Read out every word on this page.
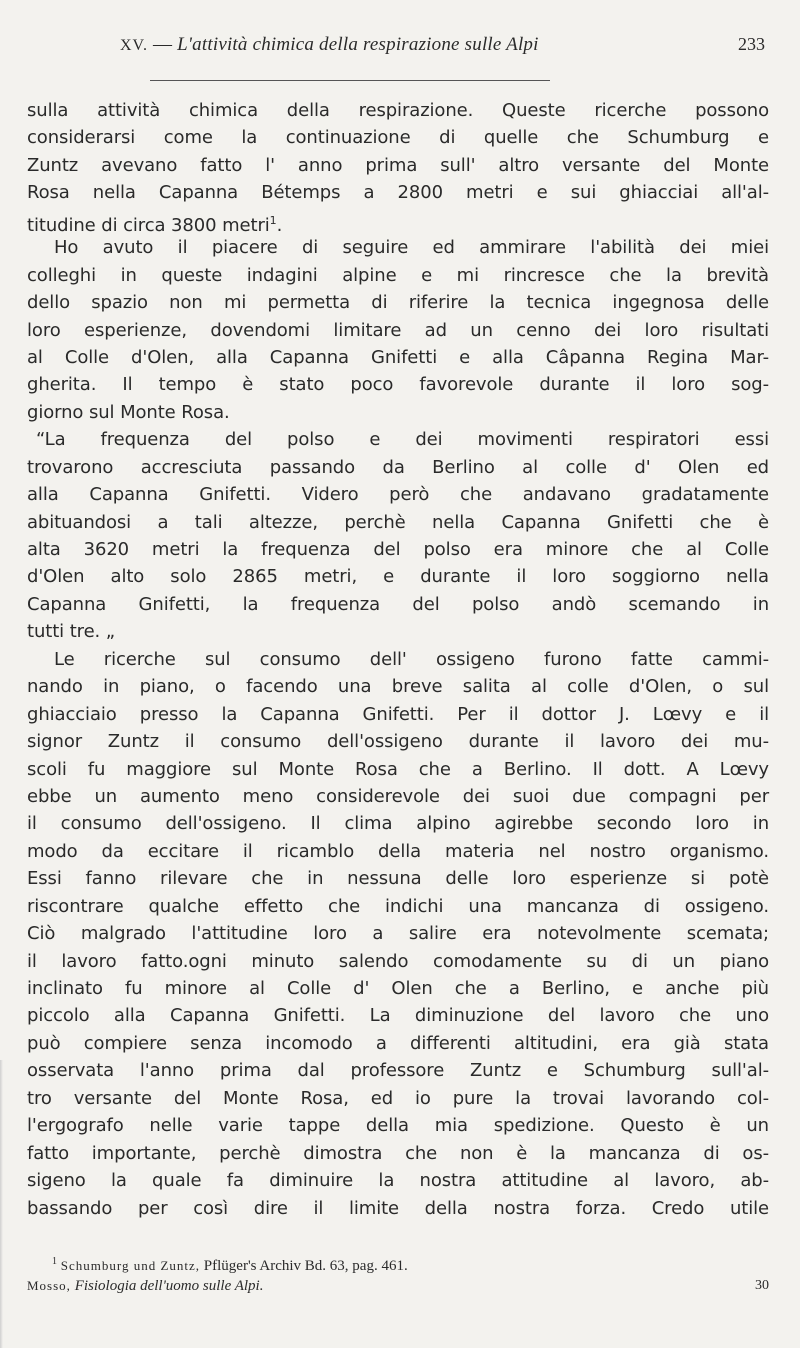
XV. — L'attività chimica della respirazione sulle Alpi	233
sulla attività chimica della respirazione. Queste ricerche possono
considerarsi come la continuazione di quelle che Schumburg e
Zuntz avevano fatto l' anno prima sull' altro versante del Monte
Rosa nella Capanna Bétemps a 2800 metri e sui ghiacciai all'al-
titudine di circa 3800 metri$^1$.
Ho avuto il piacere di seguire ed ammirare l'abilità dei miei
colleghi in queste indagini alpine e mi rincresce che la brevità
dello spazio non mi permetta di riferire la tecnica ingegnosa delle
loro esperienze, dovendomi limitare ad un cenno dei loro risultati
al Colle d'Olen, alla Capanna Gnifetti e alla Câpanna Regina Mar-
gherita. Il tempo è stato poco favorevole durante il loro sog-
giorno sul Monte Rosa.
“La frequenza del polso e dei movimenti respiratori essi
trovarono accresciuta passando da Berlino al colle d' Olen ed
alla Capanna Gnifetti. Videro però che andavano gradatamente
abituandosi a tali altezze, perchè nella Capanna Gnifetti che è
alta 3620 metri la frequenza del polso era minore che al Colle
d'Olen alto solo 2865 metri, e durante il loro soggiorno nella
Capanna Gnifetti, la frequenza del polso andò scemando in
tutti tre. „
Le ricerche sul consumo dell' ossigeno furono fatte cammi-
nando in piano, o facendo una breve salita al colle d'Olen, o sul
ghiacciaio presso la Capanna Gnifetti. Per il dottor J. Lœvy e il
signor Zuntz il consumo dell'ossigeno durante il lavoro dei mu-
scoli fu maggiore sul Monte Rosa che a Berlino. Il dott. A Lœvy
ebbe un aumento meno considerevole dei suoi due compagni per
il consumo dell'ossigeno. Il clima alpino agirebbe secondo loro in
modo da eccitare il ricamblo della materia nel nostro organismo.
Essi fanno rilevare che in nessuna delle loro esperienze si potè
riscontrare qualche effetto che indichi una mancanza di ossigeno.
Ciò malgrado l'attitudine loro a salire era notevolmente scemata;
il lavoro fatto.ogni minuto salendo comodamente su di un piano
inclinato fu minore al Colle d' Olen che a Berlino, e anche più
piccolo alla Capanna Gnifetti. La diminuzione del lavoro che uno
può compiere senza incomodo a differenti altitudini, era già stata
osservata l'anno prima dal professore Zuntz e Schumburg sull'al-
tro versante del Monte Rosa, ed io pure la trovai lavorando col-
l'ergografo nelle varie tappe della mia spedizione. Questo è un
fatto importante, perchè dimostra che non è la mancanza di os-
sigeno la quale fa diminuire la nostra attitudine al lavoro, ab-
bassando per così dire il limite della nostra forza. Credo utile
$^1$ Schumburg und Zuntz, Pflüger's Archiv Bd. 63, pag. 461.
Mosso, Fisiologia dell'uomo sulle Alpi.	30
